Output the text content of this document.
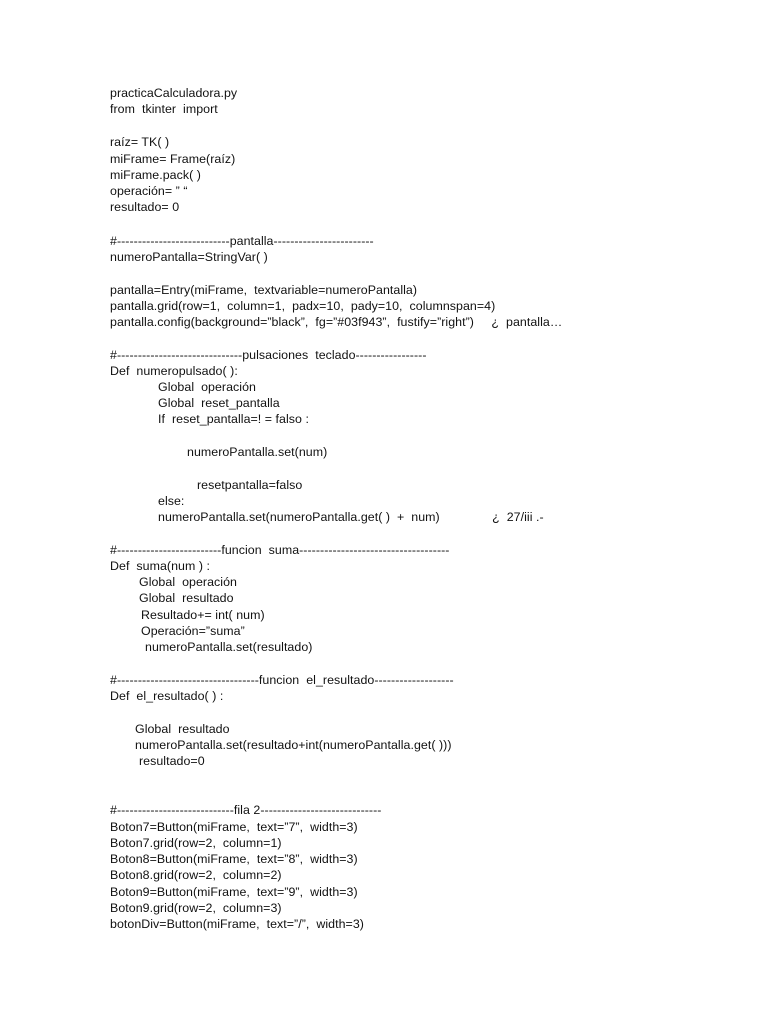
practicaCalculadora.py
from  tkinter  import
raíz= TK( )
miFrame= Frame(raíz)
miFrame.pack( )
operación= ” “
resultado= 0
#---------------------------pantalla------------------------
numeroPantalla=StringVar( )
pantalla=Entry(miFrame,  textvariable=numeroPantalla)
pantalla.grid(row=1,  column=1,  padx=10,  pady=10,  columnspan=4)
pantalla.config(background=”black”,  fg=”#03f943”,  fustify=”right”)     ¿  pantalla…
#------------------------------pulsaciones  teclado-----------------
Def  numeropulsado( ):
Global  operación
Global  reset_pantalla
If  reset_pantalla=! = falso :
numeroPantalla.set(num)
resetpantalla=falso
else:
numeroPantalla.set(numeroPantalla.get( )  +  num)               ¿  27/iii .-
#-------------------------funcion  suma------------------------------------
Def  suma(num ) :
Global  operación
Global  resultado
Resultado+= int( num)
Operación=”suma”
numeroPantalla.set(resultado)
#----------------------------------funcion  el_resultado-------------------
Def  el_resultado( ) :
Global  resultado
numeroPantalla.set(resultado+int(numeroPantalla.get( )))
resultado=0
#----------------------------fila 2-----------------------------
Boton7=Button(miFrame,  text=”7”,  width=3)
Boton7.grid(row=2,  column=1)
Boton8=Button(miFrame,  text=”8”,  width=3)
Boton8.grid(row=2,  column=2)
Boton9=Button(miFrame,  text=”9”,  width=3)
Boton9.grid(row=2,  column=3)
botonDiv=Button(miFrame,  text=”/”,  width=3)
